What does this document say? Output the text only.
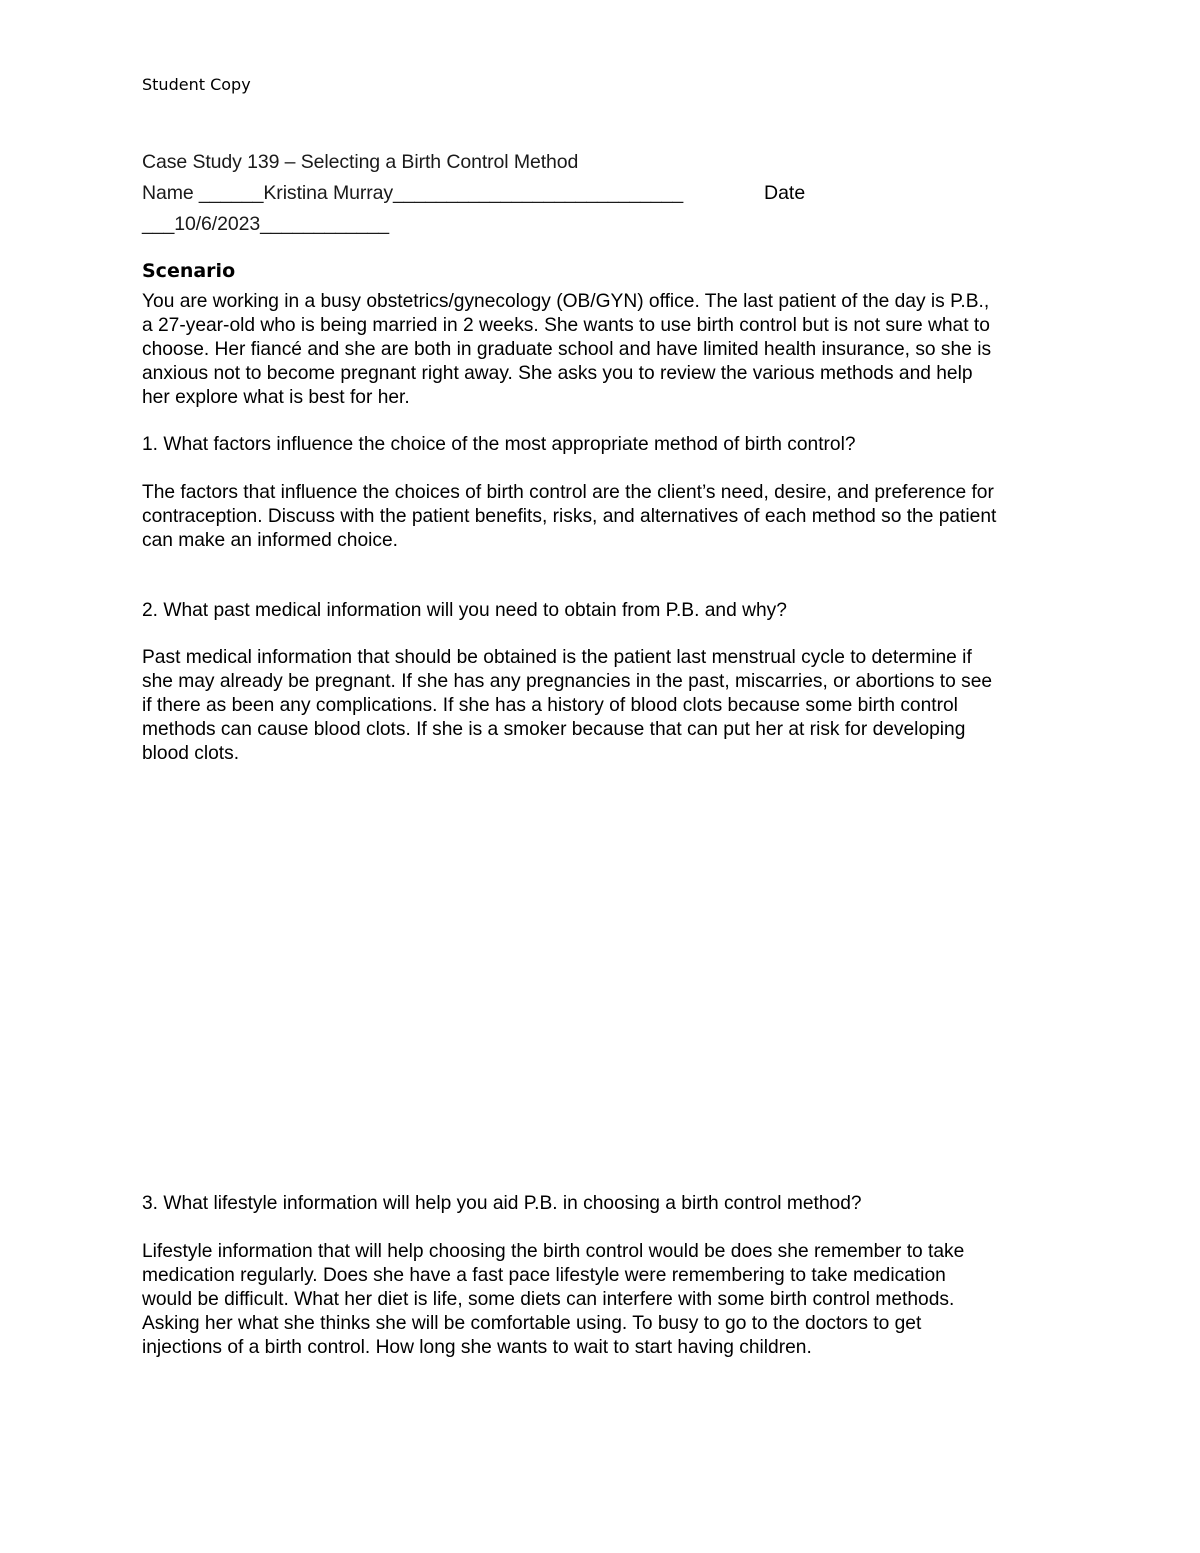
Student Copy
Case Study 139 – Selecting a Birth Control Method
Name ______Kristina Murray___________________________	Date
___10/6/2023____________
Scenario
You are working in a busy obstetrics/gynecology (OB/GYN) office. The last patient of the day is P.B.,
a 27-year-old who is being married in 2 weeks. She wants to use birth control but is not sure what to
choose. Her fiancé and she are both in graduate school and have limited health insurance, so she is
anxious not to become pregnant right away. She asks you to review the various methods and help
her explore what is best for her.
1. What factors influence the choice of the most appropriate method of birth control?
The factors that influence the choices of birth control are the client’s need, desire, and preference for
contraception. Discuss with the patient benefits, risks, and alternatives of each method so the patient
can make an informed choice.
2. What past medical information will you need to obtain from P.B. and why?
Past medical information that should be obtained is the patient last menstrual cycle to determine if
she may already be pregnant. If she has any pregnancies in the past, miscarries, or abortions to see
if there as been any complications. If she has a history of blood clots because some birth control
methods can cause blood clots. If she is a smoker because that can put her at risk for developing
blood clots.
3. What lifestyle information will help you aid P.B. in choosing a birth control method?
Lifestyle information that will help choosing the birth control would be does she remember to take
medication regularly. Does she have a fast pace lifestyle were remembering to take medication
would be difficult. What her diet is life, some diets can interfere with some birth control methods.
Asking her what she thinks she will be comfortable using. To busy to go to the doctors to get
injections of a birth control. How long she wants to wait to start having children.
